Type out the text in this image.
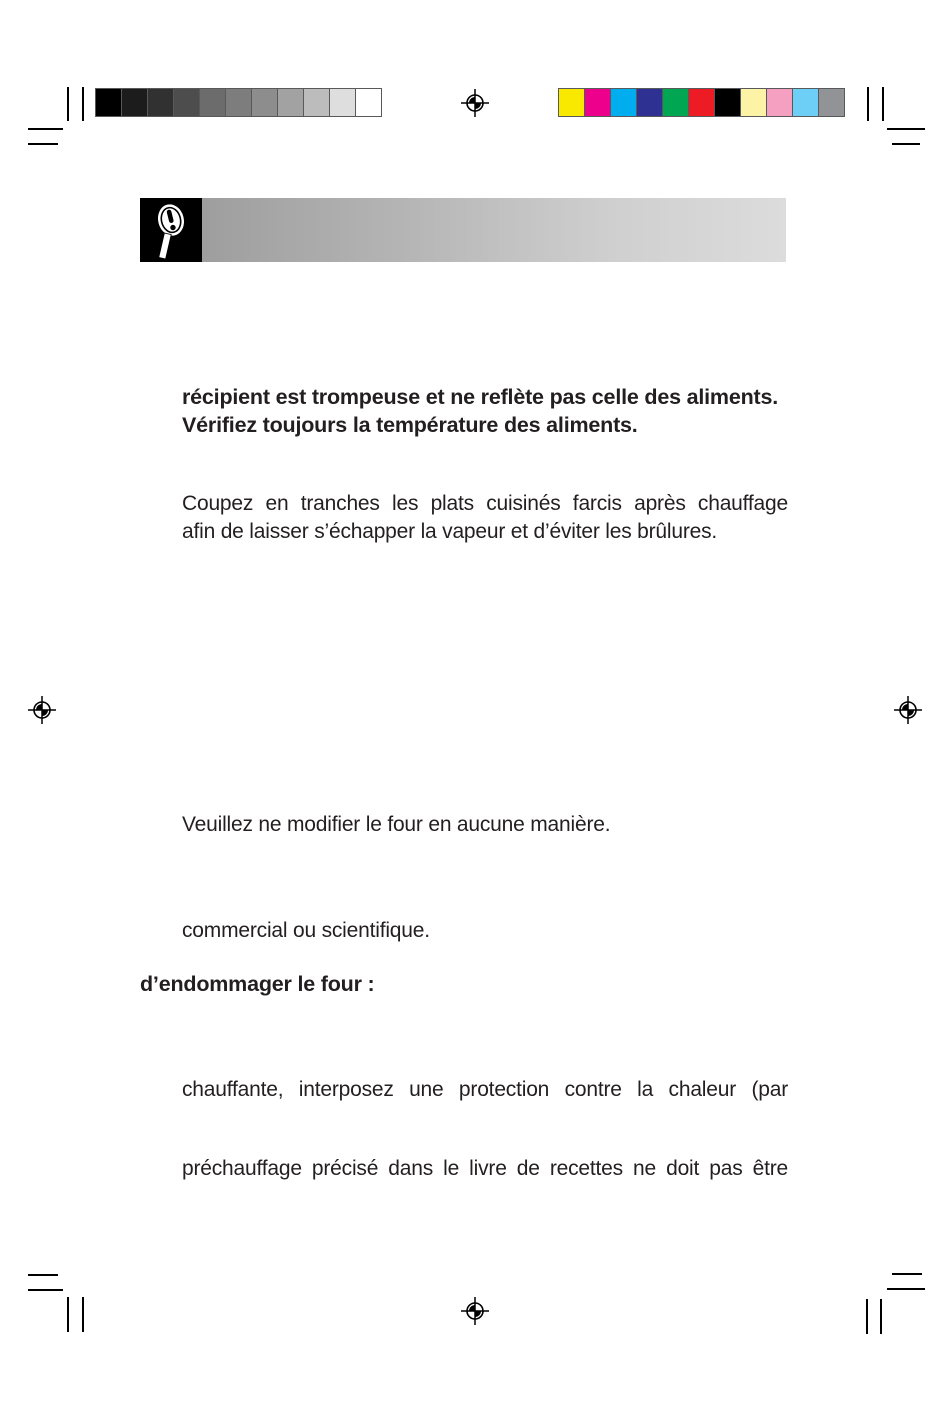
récipient est trompeuse et ne reflète pas celle des aliments.
Vérifiez toujours la température des aliments.
Coupez en tranches les plats cuisinés farcis après chauffage
afin de laisser s’échapper la vapeur et d’éviter les brûlures.
Veuillez ne modifier le four en aucune manière.
commercial ou scientifique.
d’endommager le four :
chauffante, interposez une protection contre la chaleur (par
préchauffage précisé dans le livre de recettes ne doit pas être
